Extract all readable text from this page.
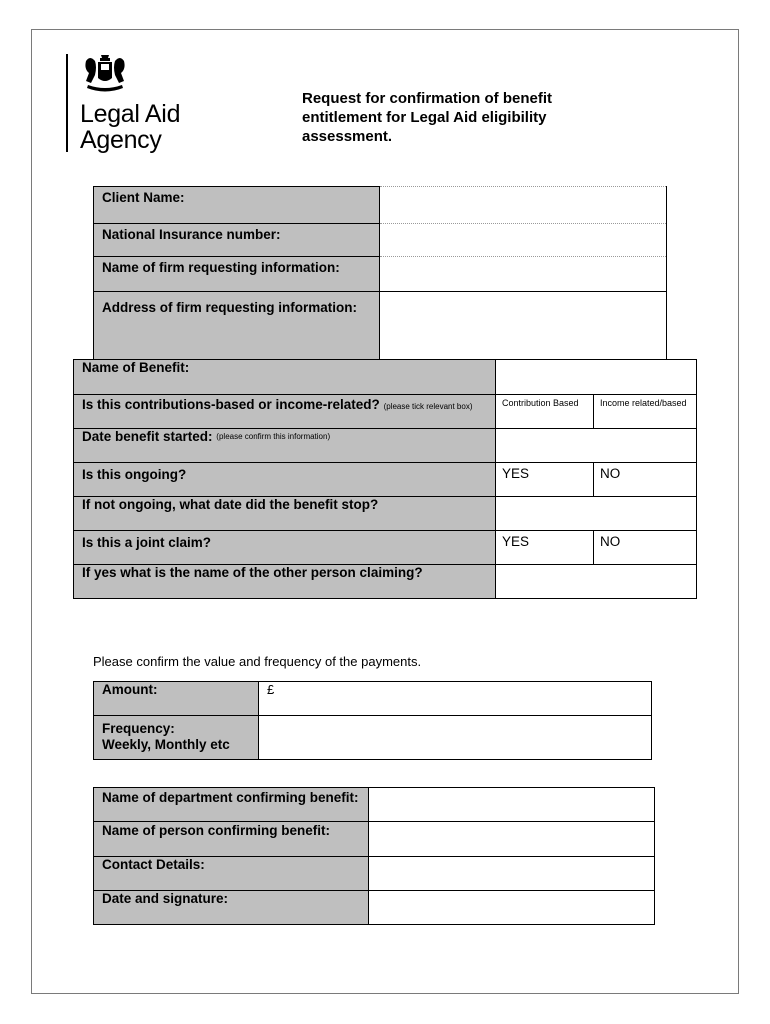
Legal Aid
Agency
Request for confirmation of benefit
entitlement for Legal Aid eligibility
assessment.
Client Name:	

National Insurance number:	

Name of firm requesting information:	

Address of firm requesting information:	

Name of Benefit:		

Is this contributions-based or income-related? (please tick relevant box)	Contribution Based	Income related/based

Date benefit started:
(please confirm this information)		

Is this ongoing?	YES	NO

If not ongoing, what date did the benefit stop?		

Is this a joint claim?	YES	NO

If yes what is the name of the other person claiming?		

Please confirm the value and frequency of the payments.
Amount:	£

Frequency:
Weekly, Monthly etc	

Name of department confirming benefit:	

Name of person confirming benefit:	

Contact Details:	

Date and signature:	
